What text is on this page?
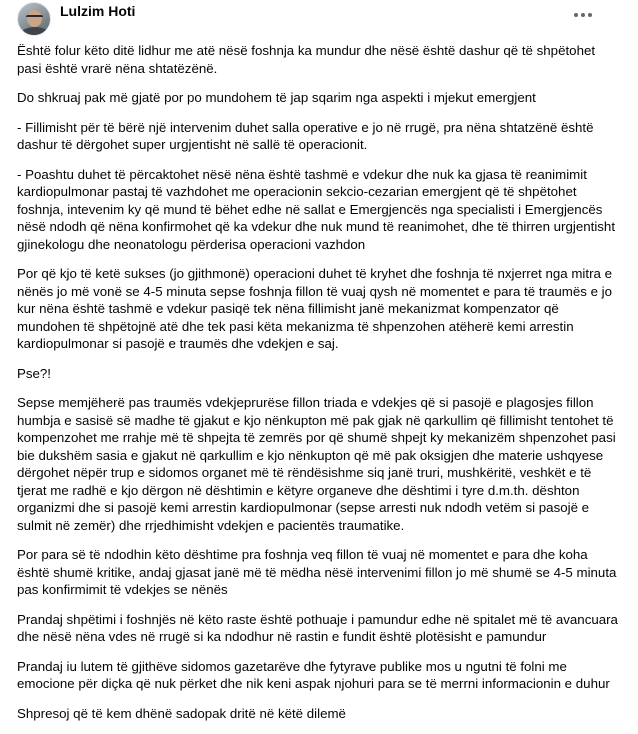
Lulzim Hoti

Është folur këto ditë lidhur me atë nësë foshnja ka mundur dhe nësë është dashur që të shpëtohet pasi është vrarë nëna shtatëzënë.

Do shkruaj pak më gjatë por po mundohem të jap sqarim nga aspekti i mjekut emergjent

- Fillimisht për të bërë një intervenim duhet salla operative e jo në rrugë, pra nëna shtatzënë është dashur të dërgohet super urgjentisht në sallë të operacionit.

- Poashtu duhet të përcaktohet nësë nëna është tashmë e vdekur dhe nuk ka gjasa të reanimimit kardiopulmonar pastaj të vazhdohet me operacionin sekcio-cezarian emergjent që të shpëtohet foshnja, intevenim ky që mund të bëhet edhe në sallat e Emergjencës nga specialisti i Emergjencës nësë ndodh që nëna konfirmohet që ka vdekur dhe nuk mund të reanimohet, dhe të thirren urgjentisht gjinekologu dhe neonatologu përderisa operacioni vazhdon

Por që kjo të ketë sukses (jo gjithmonë) operacioni duhet të kryhet dhe foshnja të nxjerret nga mitra e nënës jo më vonë se 4-5 minuta sepse foshnja fillon të vuaj qysh në momentet e para të traumës e jo kur nëna është tashmë e vdekur pasiqë tek nëna fillimisht janë mekanizmat kompenzator që mundohen të shpëtojnë atë dhe tek pasi këta mekanizma të shpenzohen atëherë kemi arrestin kardiopulmonar si pasojë e traumës dhe vdekjen e saj.

Pse?!

Sepse memjëherë pas traumës vdekjeprurëse fillon triada e vdekjes që si pasojë e plagosjes fillon humbja e sasisë së madhe të gjakut e kjo nënkupton më pak gjak në qarkullim që fillimisht tentohet të kompenzohet me rrahje më të shpejta të zemrës por që shumë shpejt ky mekanizëm shpenzohet pasi bie dukshëm sasia e gjakut në qarkullim e kjo nënkupton që më pak oksigjen dhe materie ushqyese dërgohet nëpër trup e sidomos organet më të rëndësishme siq janë truri, mushkëritë, veshkët e të tjerat me radhë e kjo dërgon në dështimin e këtyre organeve dhe dështimi i tyre d.m.th. dështon organizmi dhe si pasojë kemi arrestin kardiopulmonar (sepse arresti nuk ndodh vetëm si pasojë e sulmit në zemër) dhe rrjedhimisht vdekjen e pacientës traumatike.

Por para së të ndodhin këto dështime pra foshnja veq fillon të vuaj në momentet e para dhe koha është shumë kritike, andaj gjasat janë më të mëdha nësë intervenimi fillon jo më shumë se 4-5 minuta pas konfirmimit të vdekjes se nënës

Prandaj shpëtimi i foshnjës në këto raste është pothuaje i pamundur edhe në spitalet më të avancuara dhe nësë nëna vdes në rrugë si ka ndodhur në rastin e fundit është plotësisht e pamundur

Prandaj iu lutem të gjithëve sidomos gazetarëve dhe fytyrave publike mos u ngutni të folni me emocione për diçka që nuk përket dhe nik keni aspak njohuri para se të merrni informacionin e duhur

Shpresoj që të kem dhënë sadopak dritë në këtë dilemë
